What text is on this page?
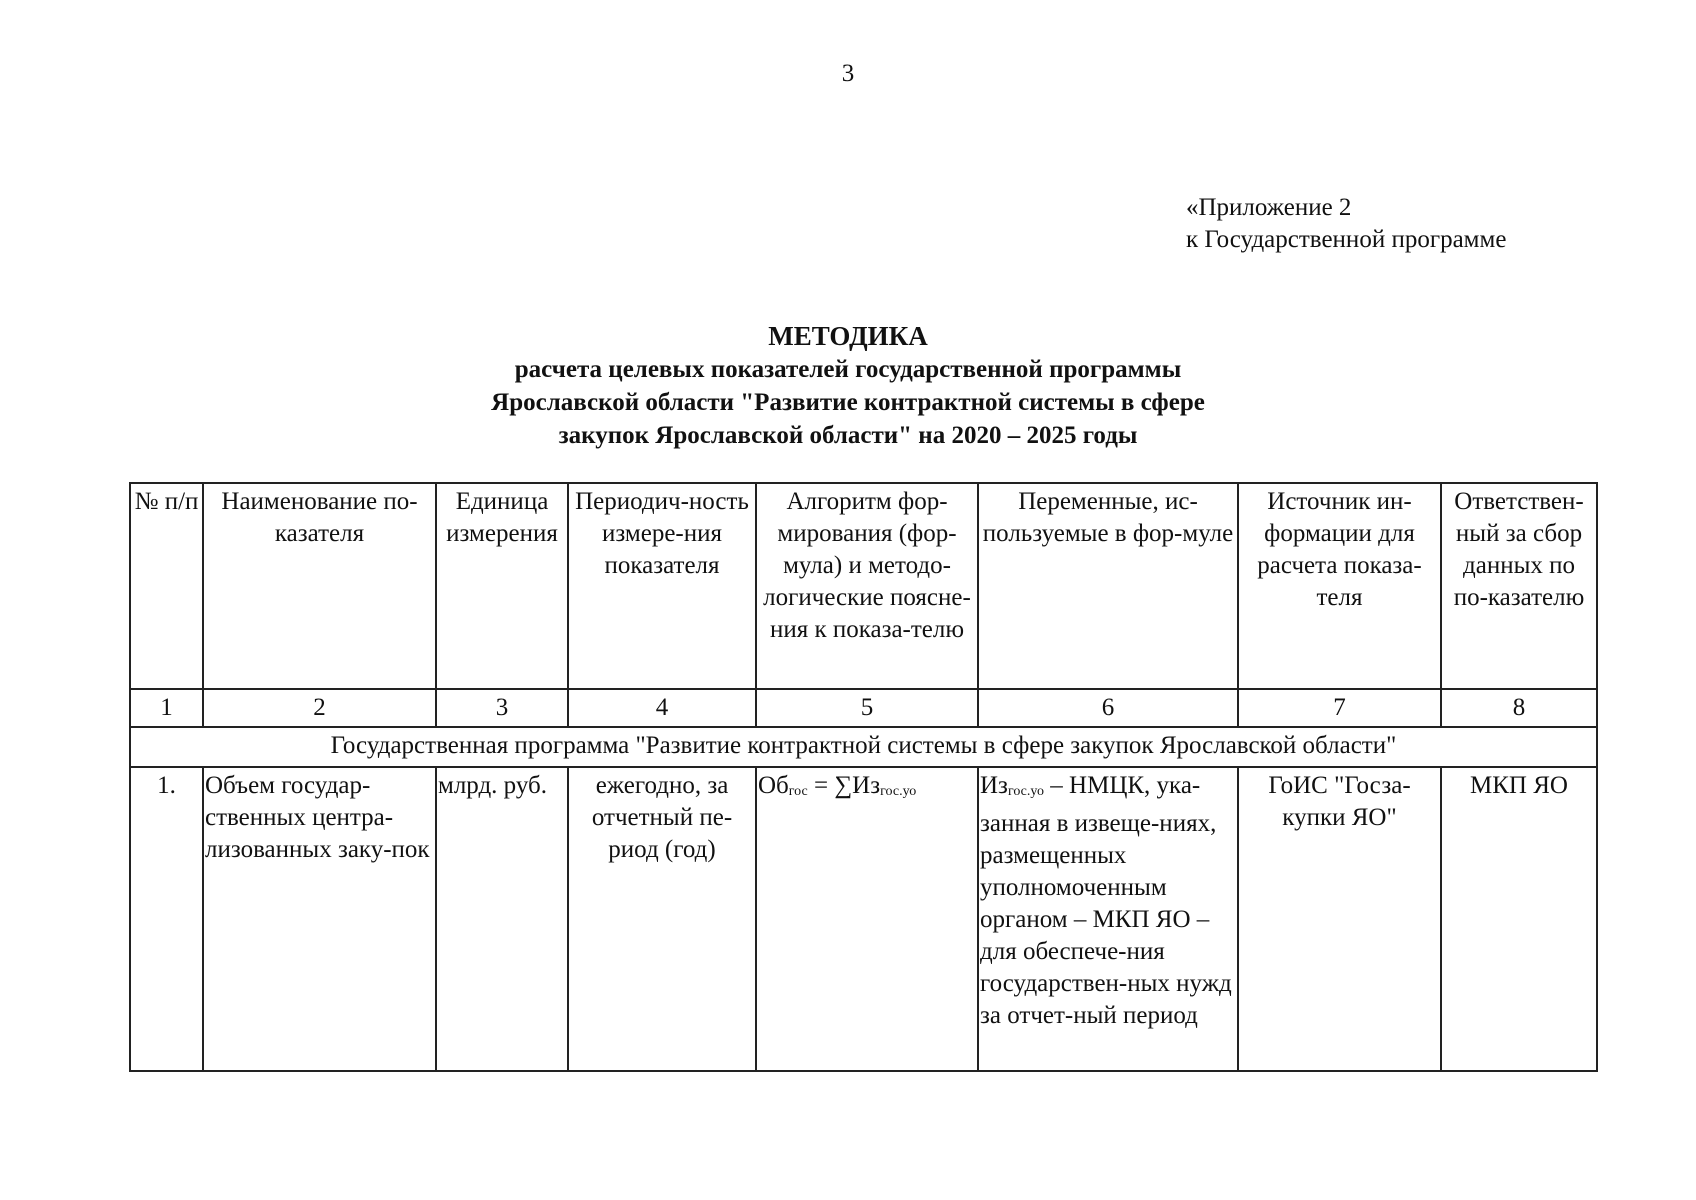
3
«Приложение 2
к Государственной программе
МЕТОДИКА
расчета целевых показателей государственной программы
Ярославской области "Развитие контрактной системы в сфере
закупок Ярославской области" на 2020 – 2025 годы
№ п/п	Наименование по-казателя	Единица измерения	Периодич-ность измере-ния показателя	Алгоритм фор-мирования (фор-мула) и методо-логические поясне-ния к показа-телю	Переменные, ис-пользуемые в фор-муле	Источник ин-формации для расчета показа-теля	Ответствен-ный за сбор данных по по-казателю
1	2	3	4	5	6	7	8
Государственная программа "Развитие контрактной системы в сфере закупок Ярославской области"							
1.	Объем государ-ственных центра-лизованных заку-пок	млрд. руб.	ежегодно, за отчетный пе-риод (год)	$Об_{гос} = \sum Из_{гос.уо}$	$Из_{гос.уо}$ – НМЦК, ука-занная в извеще-ниях, размещенных уполномоченным органом – МКП ЯО – для обеспече-ния государствен-ных нужд за отчет-ный период	ГоИС "Госза-купки ЯО"	МКП ЯО
